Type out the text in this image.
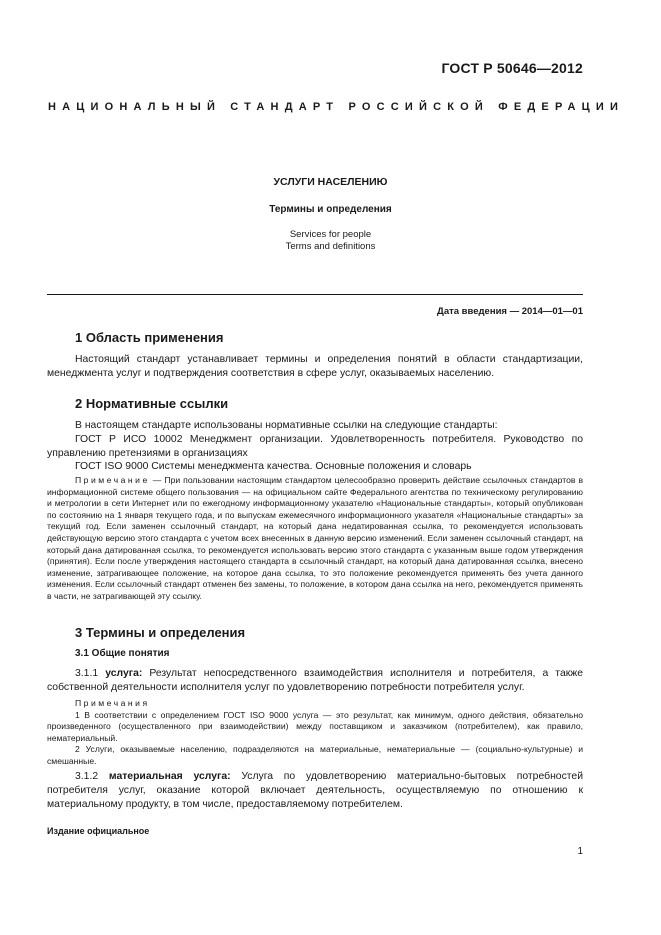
ГОСТ Р 50646—2012
НАЦИОНАЛЬНЫЙ СТАНДАРТ РОССИЙСКОЙ ФЕДЕРАЦИИ
УСЛУГИ НАСЕЛЕНИЮ
Термины и определения
Services for people
Terms and definitions
Дата введения — 2014—01—01
1 Область применения

Настоящий стандарт устанавливает термины и определения понятий в области стандартизации, менеджмента услуг и подтверждения соответствия в сфере услуг, оказываемых населению.

2 Нормативные ссылки

В настоящем стандарте использованы нормативные ссылки на следующие стандарты:

ГОСТ Р ИСО 10002 Менеджмент организации. Удовлетворенность потребителя. Руководство по управлению претензиями в организациях

ГОСТ ISO 9000 Системы менеджмента качества. Основные положения и словарь

Примечание — При пользовании настоящим стандартом целесообразно проверить действие ссылочных стандартов в информационной системе общего пользования — на официальном сайте Федерального агентства по техническому регулированию и метрологии в сети Интернет или по ежегодному информационному указателю «Национальные стандарты», который опубликован по состоянию на 1 января текущего года, и по выпускам ежемесячного информационного указателя «Национальные стандарты» за текущий год. Если заменен ссылочный стандарт, на который дана недатированная ссылка, то рекомендуется использовать действующую версию этого стандарта с учетом всех внесенных в данную версию изменений. Если заменен ссылочный стандарт, на который дана датированная ссылка, то рекомендуется использовать версию этого стандарта с указанным выше годом утверждения (принятия). Если после утверждения настоящего стандарта в ссылочный стандарт, на который дана датированная ссылка, внесено изменение, затрагивающее положение, на которое дана ссылка, то это положение рекомендуется применять без учета данного изменения. Если ссылочный стандарт отменен без замены, то положение, в котором дана ссылка на него, рекомендуется применять в части, не затрагивающей эту ссылку.

3 Термины и определения
3.1 Общие понятия

3.1.1 услуга: Результат непосредственного взаимодействия исполнителя и потребителя, а также собственной деятельности исполнителя услуг по удовлетворению потребности потребителя услуг.

Примечания

1 В соответствии с определением ГОСТ ISO 9000 услуга — это результат, как минимум, одного действия, обязательно произведенного (осуществленного при взаимодействии) между поставщиком и заказчиком (потребителем), как правило, нематериальный.

2 Услуги, оказываемые населению, подразделяются на материальные, нематериальные — (социально-культурные) и смешанные.

3.1.2 материальная услуга: Услуга по удовлетворению материально-бытовых потребностей потребителя услуг, оказание которой включает деятельность, осуществляемую по отношению к материальному продукту, в том числе, предоставляемому потребителем.

Издание официальное
1
